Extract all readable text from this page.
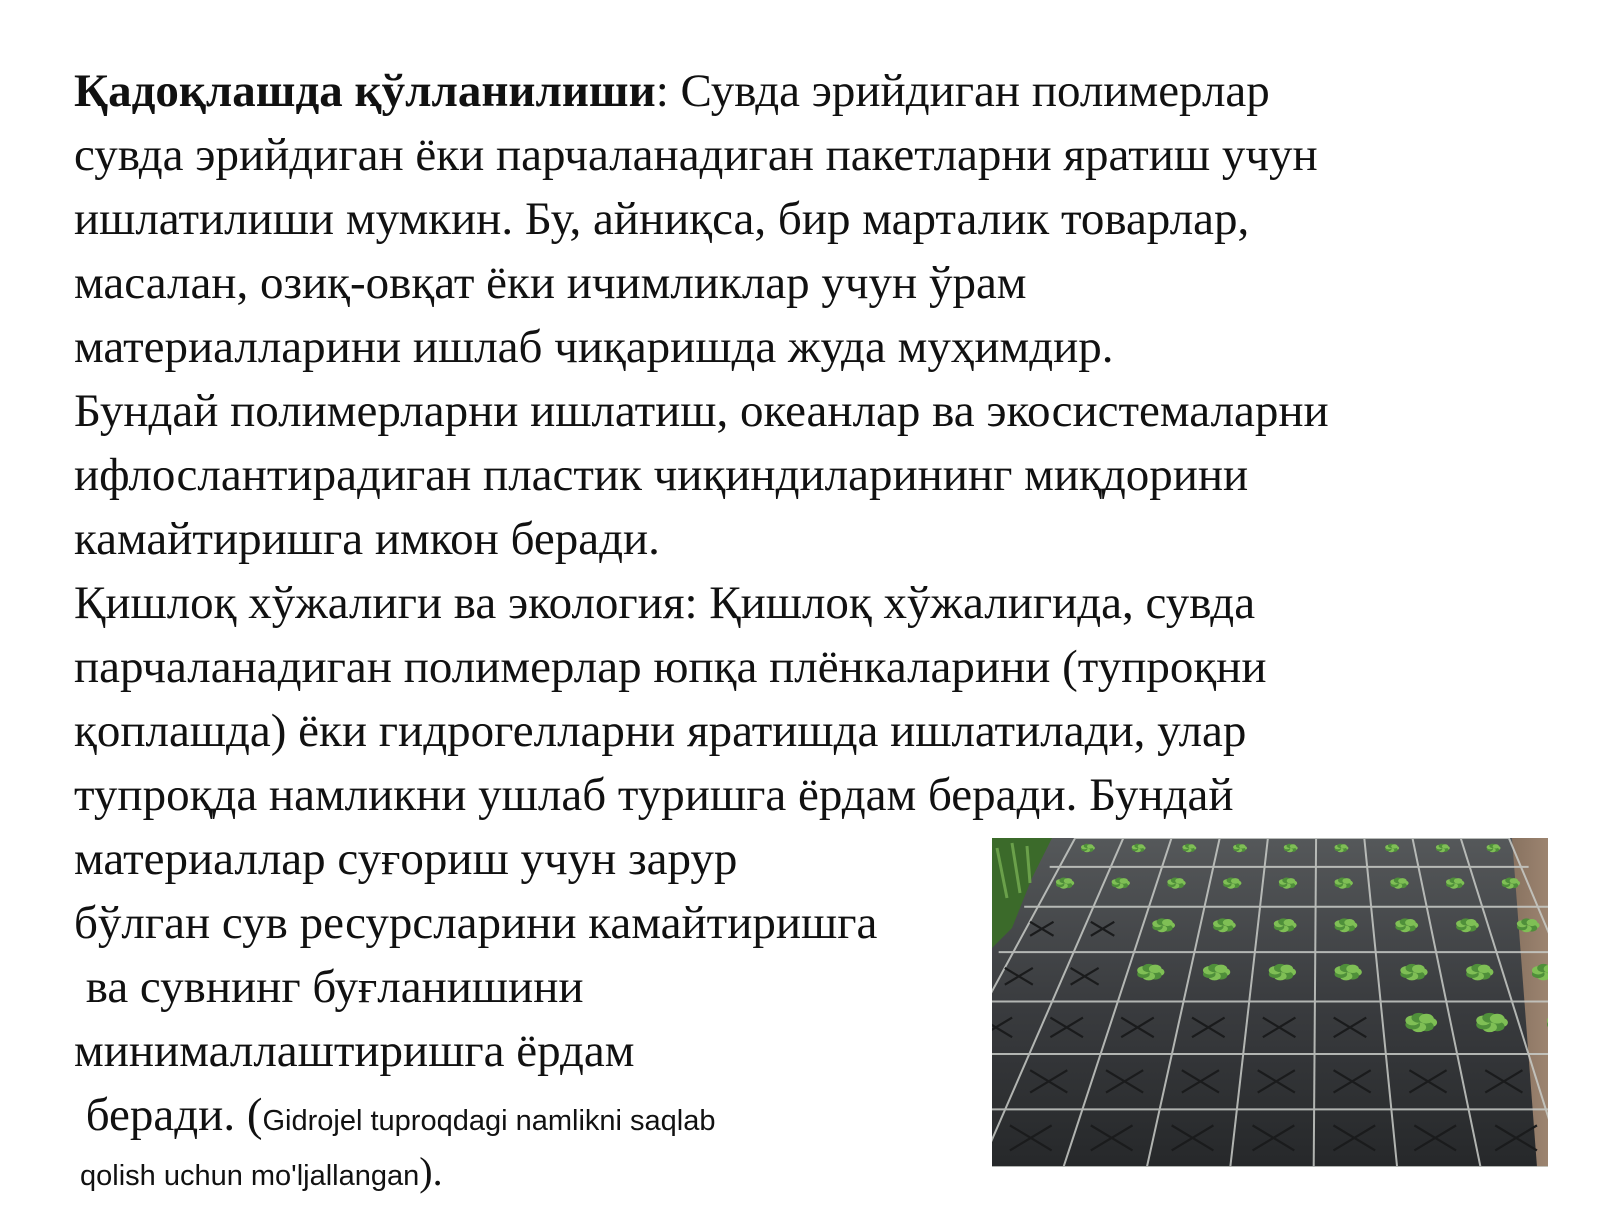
Қадоқлашда қўлланилиши: Сувда эрийдиган полимерлар
сувда эрийдиган ёки парчаланадиган пакетларни яратиш учун
ишлатилиши мумкин. Бу, айниқса, бир марталик товарлар,
масалан, озиқ-овқат ёки ичимликлар учун ўрам
материалларини ишлаб чиқаришда жуда муҳимдир.
Бундай полимерларни ишлатиш, океанлар ва экосистемаларни
ифлослантирадиган пластик чиқиндиларининг миқдорини
камайтиришга имкон беради.
Қишлоқ хўжалиги ва экология: Қишлоқ хўжалигида, сувда
парчаланадиган полимерлар юпқа плёнкаларини (тупроқни
қоплашда) ёки гидрогелларни яратишда ишлатилади, улар
тупроқда намликни ушлаб туришга ёрдам беради. Бундай
материаллар суғориш учун зарур
бўлган сув ресурсларини камайтиришга
ва сувнинг буғланишини
минималлаштиришга ёрдам
беради. (Gidrojel tuproqdagi namlikni saqlab
qolish uchun mo'ljallangan).
